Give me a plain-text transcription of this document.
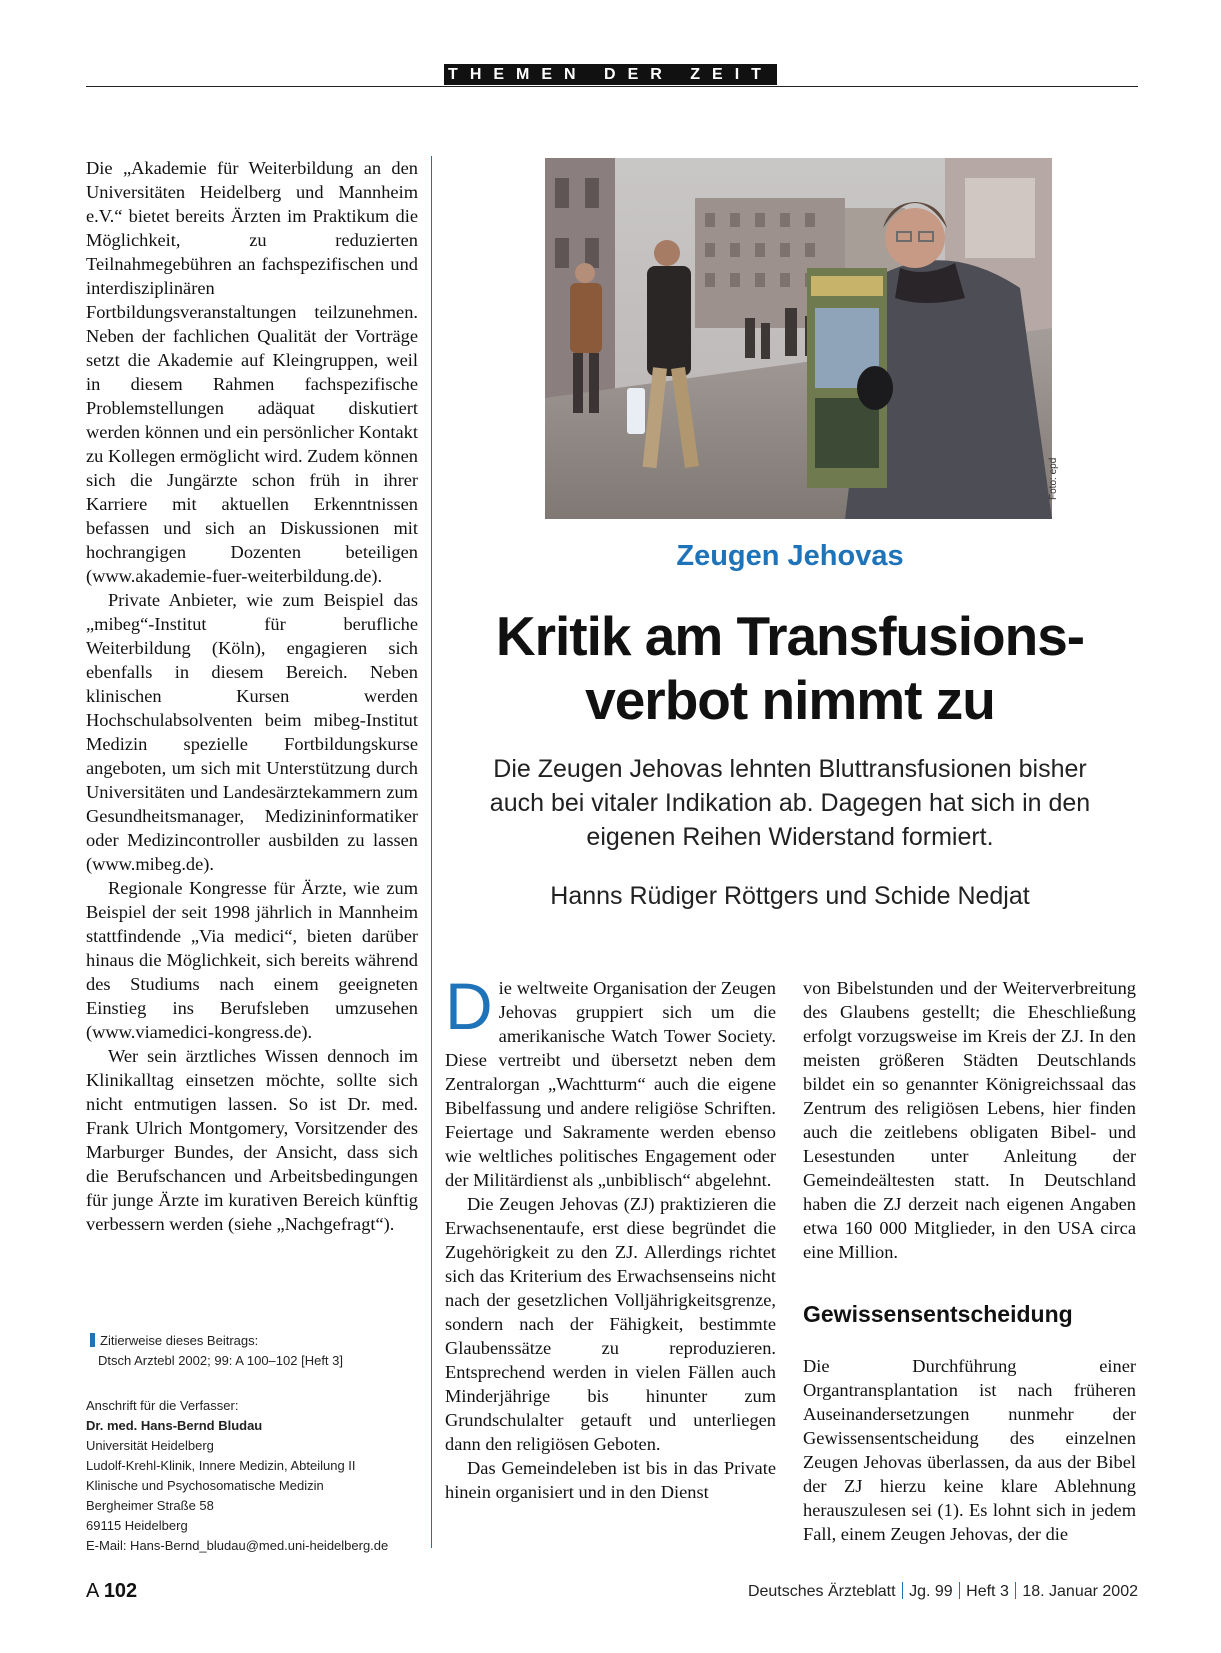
THEMEN DER ZEIT

Die „Akademie für Weiterbildung an den Universitäten Heidelberg und Mannheim e.V.“ bietet bereits Ärzten im Praktikum die Möglichkeit, zu reduzierten Teilnahmegebühren an fachspezifischen und interdisziplinären Fortbildungsveranstaltungen teilzunehmen. Neben der fachlichen Qualität der Vorträge setzt die Akademie auf Kleingruppen, weil in diesem Rahmen fachspezifische Problemstellungen adäquat diskutiert werden können und ein persönlicher Kontakt zu Kollegen ermöglicht wird. Zudem können sich die Jungärzte schon früh in ihrer Karriere mit aktuellen Erkenntnissen befassen und sich an Diskussionen mit hochrangigen Dozenten beteiligen (www.akademie-fuer-weiterbildung.de).

Private Anbieter, wie zum Beispiel das „mibeg“-Institut für berufliche Weiterbildung (Köln), engagieren sich ebenfalls in diesem Bereich. Neben klinischen Kursen werden Hochschulabsolventen beim mibeg-Institut Medizin spezielle Fortbildungskurse angeboten, um sich mit Unterstützung durch Universitäten und Landesärztekammern zum Gesundheitsmanager, Medizininformatiker oder Medizincontroller ausbilden zu lassen (www.mibeg.de).

Regionale Kongresse für Ärzte, wie zum Beispiel der seit 1998 jährlich in Mannheim stattfindende „Via medici“, bieten darüber hinaus die Möglichkeit, sich bereits während des Studiums nach einem geeigneten Einstieg ins Berufsleben umzusehen (www.viamedici-kongress.de).

Wer sein ärztliches Wissen dennoch im Klinikalltag einsetzen möchte, sollte sich nicht entmutigen lassen. So ist Dr. med. Frank Ulrich Montgomery, Vorsitzender des Marburger Bundes, der Ansicht, dass sich die Berufschancen und Arbeitsbedingungen für junge Ärzte im kurativen Bereich künftig verbessern werden (siehe „Nachgefragt“).

Zitierweise dieses Beitrags:
Dtsch Arztebl 2002; 99: A 100–102 [Heft 3]
Anschrift für die Verfasser:
Dr. med. Hans-Bernd Bludau
Universität Heidelberg
Ludolf-Krehl-Klinik, Innere Medizin, Abteilung II
Klinische und Psychosomatische Medizin
Bergheimer Straße 58
69115 Heidelberg
E-Mail: Hans-Bernd_bludau@med.uni-heidelberg.de
Foto: epd
Zeugen Jehovas
Kritik am Transfusions-
verbot nimmt zu
Die Zeugen Jehovas lehnten Bluttransfusionen bisher auch bei vitaler Indikation ab. Dagegen hat sich in den eigenen Reihen Widerstand formiert.
Hanns Rüdiger Röttgers und Schide Nedjat

Die weltweite Organisation der Zeugen Jehovas gruppiert sich um die amerikanische Watch Tower Society. Diese vertreibt und übersetzt neben dem Zentralorgan „Wachtturm“ auch die eigene Bibelfassung und andere religiöse Schriften. Feiertage und Sakramente werden ebenso wie weltliches politisches Engagement oder der Militärdienst als „unbiblisch“ abgelehnt.

Die Zeugen Jehovas (ZJ) praktizieren die Erwachsenentaufe, erst diese begründet die Zugehörigkeit zu den ZJ. Allerdings richtet sich das Kriterium des Erwachsenseins nicht nach der gesetzlichen Volljährigkeitsgrenze, sondern nach der Fähigkeit, bestimmte Glaubenssätze zu reproduzieren. Entsprechend werden in vielen Fällen auch Minderjährige bis hinunter zum Grundschulalter getauft und unterliegen dann den religiösen Geboten.

Das Gemeindeleben ist bis in das Private hinein organisiert und in den Dienst

von Bibelstunden und der Weiterverbreitung des Glaubens gestellt; die Eheschließung erfolgt vorzugsweise im Kreis der ZJ. In den meisten größeren Städten Deutschlands bildet ein so genannter Königreichssaal das Zentrum des religiösen Lebens, hier finden auch die zeitlebens obligaten Bibel- und Lesestunden unter Anleitung der Gemeindeältesten statt. In Deutschland haben die ZJ derzeit nach eigenen Angaben etwa 160 000 Mitglieder, in den USA circa eine Million.

Gewissensentscheidung

Die Durchführung einer Organtransplantation ist nach früheren Auseinandersetzungen nunmehr der Gewissensentscheidung des einzelnen Zeugen Jehovas überlassen, da aus der Bibel der ZJ hierzu keine klare Ablehnung herauszulesen sei (1). Es lohnt sich in jedem Fall, einem Zeugen Jehovas, der die

A 102	Deutsches Ärzteblatt Jg. 99 Heft 3 18. Januar 2002
